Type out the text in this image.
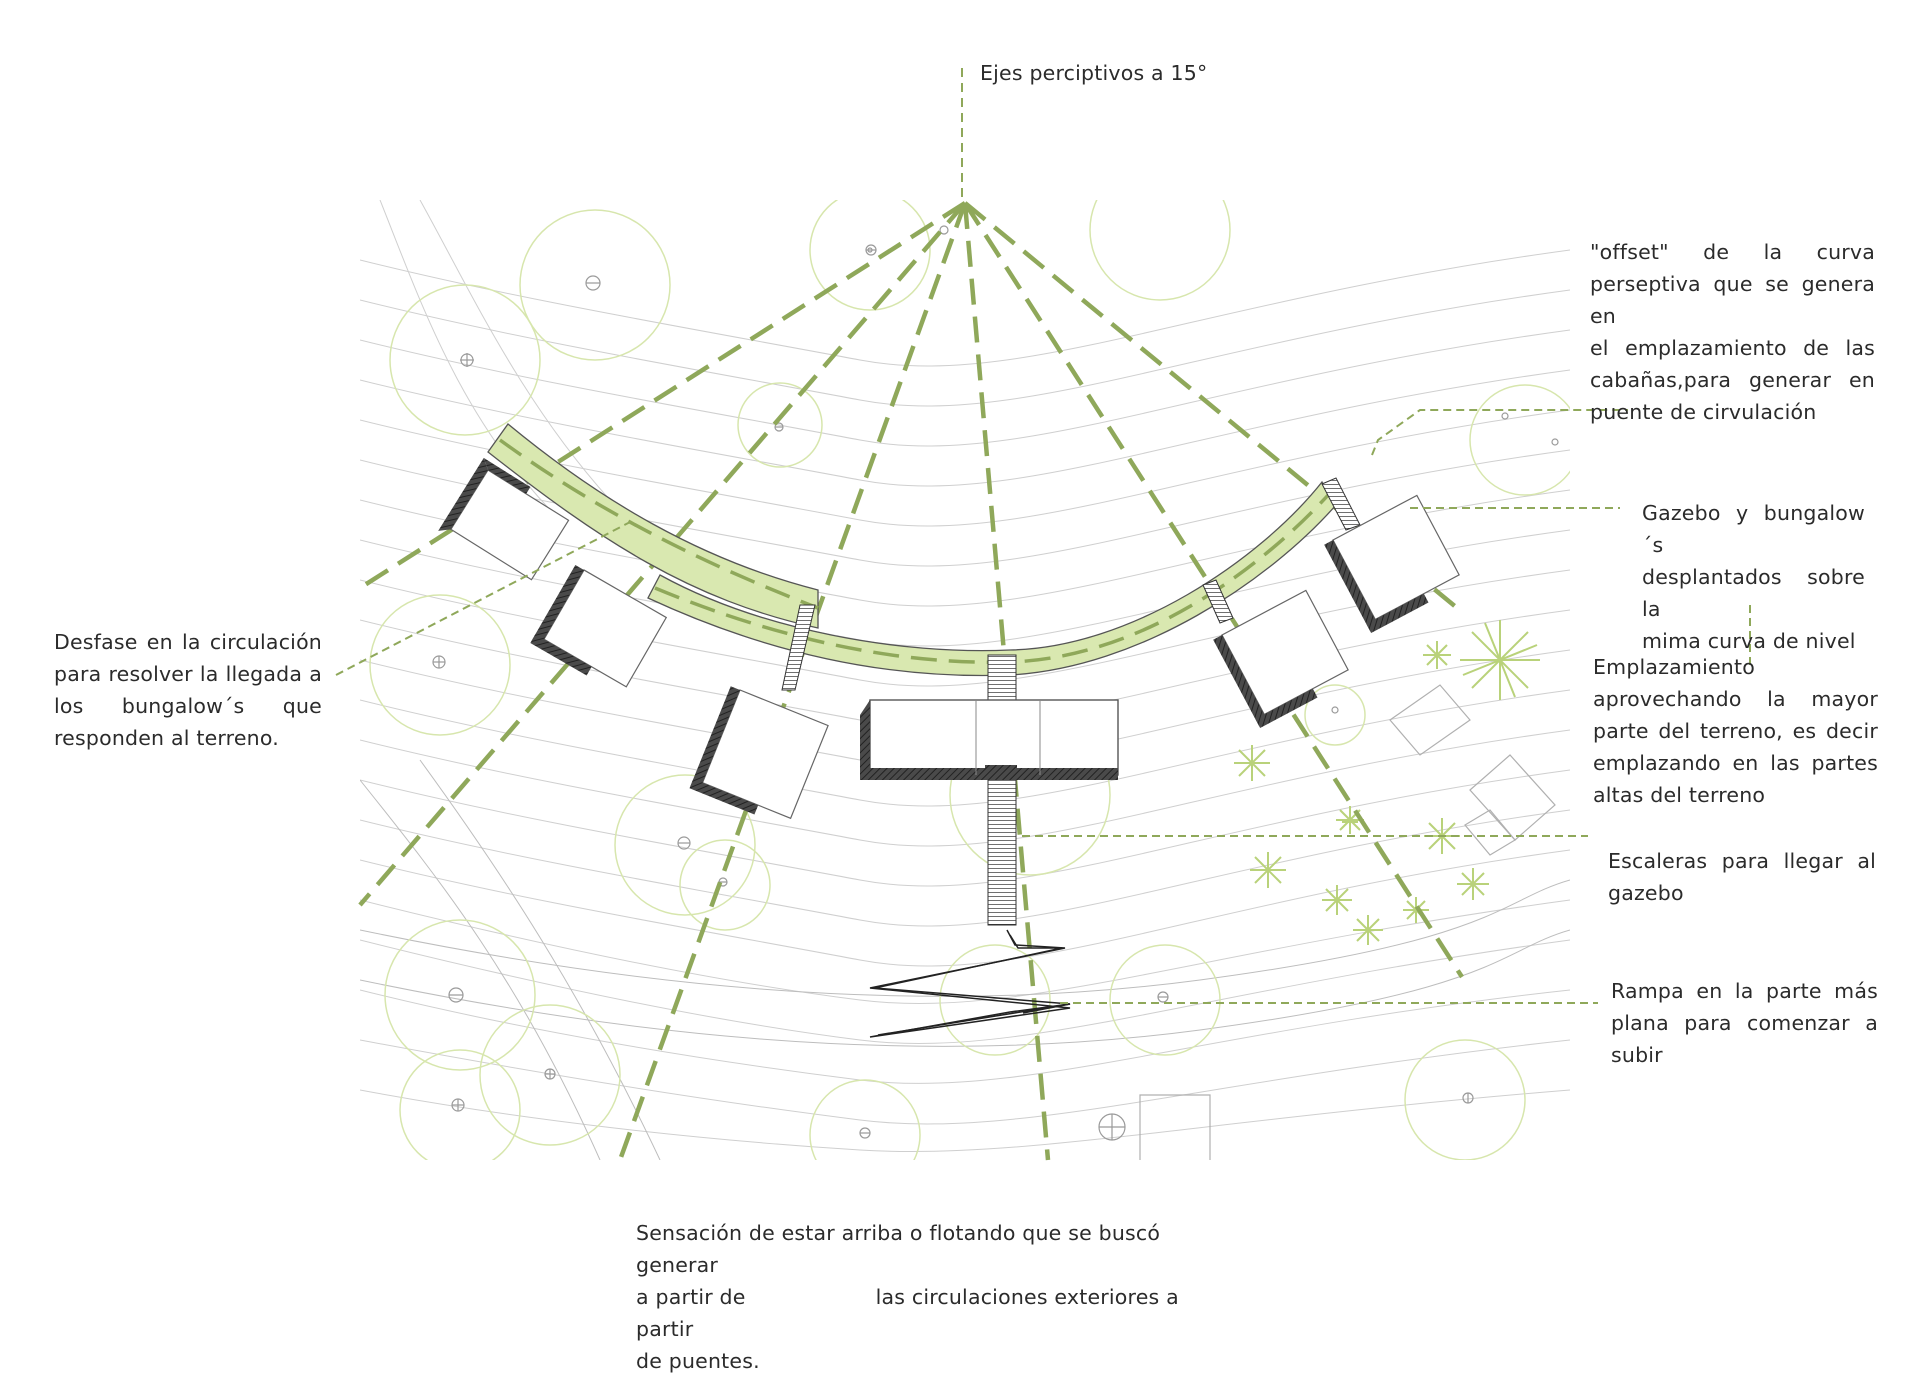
Ejes perciptivos a 15°

"offset" de la curva

perseptiva que se genera en

el emplazamiento de las

cabañas,para generar en

puente de cirvulación

Gazebo y bungalow´s

desplantados sobre la

mima curva de nivel

Emplazamiento

aprovechando la mayor

parte del terreno, es decir

emplazando en las partes

altas del terreno

Escaleras para llegar al

gazebo

Rampa en la parte más

plana para comenzar a

subir

Desfase en la circulación

para resolver la llegada a

los bungalow´s que

responden al terreno.

Sensación de estar arriba o flotando que se buscó generar

a partir de	las circulaciones exteriores a partir

de puentes.
